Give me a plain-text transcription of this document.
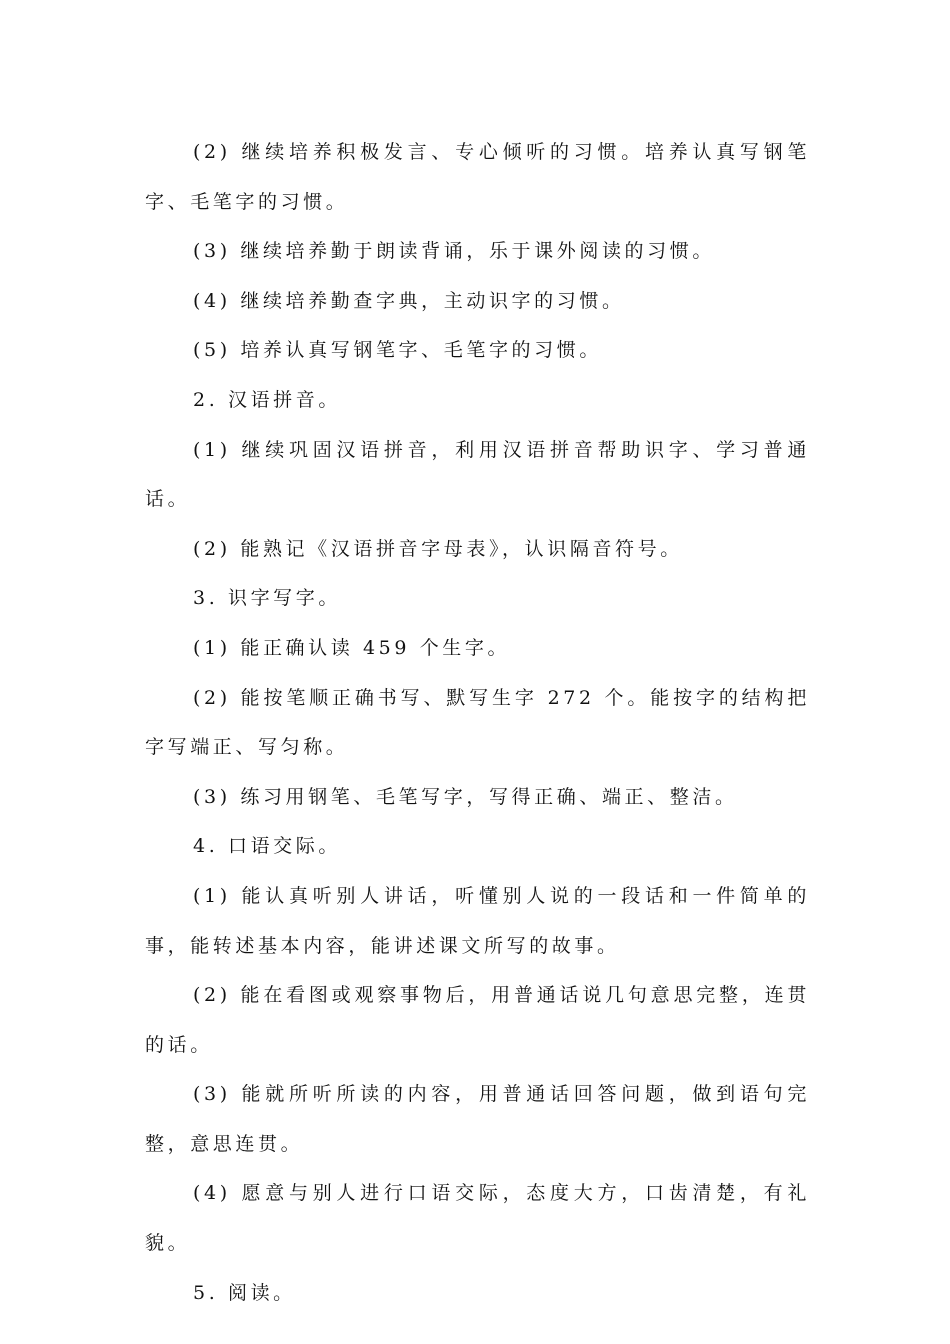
(2) 继续培养积极发言、专心倾听的习惯。培养认真写钢笔字、毛笔字的习惯。

(3) 继续培养勤于朗读背诵，乐于课外阅读的习惯。

(4) 继续培养勤查字典，主动识字的习惯。

(5) 培养认真写钢笔字、毛笔字的习惯。

2. 汉语拼音。

(1) 继续巩固汉语拼音，利用汉语拼音帮助识字、学习普通话。

(2) 能熟记《汉语拼音字母表》，认识隔音符号。

3. 识字写字。

(1) 能正确认读 459 个生字。

(2) 能按笔顺正确书写、默写生字 272 个。能按字的结构把字写端正、写匀称。

(3) 练习用钢笔、毛笔写字，写得正确、端正、整洁。

4. 口语交际。

(1) 能认真听别人讲话，听懂别人说的一段话和一件简单的事，能转述基本内容，能讲述课文所写的故事。

(2) 能在看图或观察事物后，用普通话说几句意思完整，连贯的话。

(3) 能就所听所读的内容，用普通话回答问题，做到语句完整，意思连贯。

(4) 愿意与别人进行口语交际，态度大方，口齿清楚，有礼貌。

5. 阅读。
